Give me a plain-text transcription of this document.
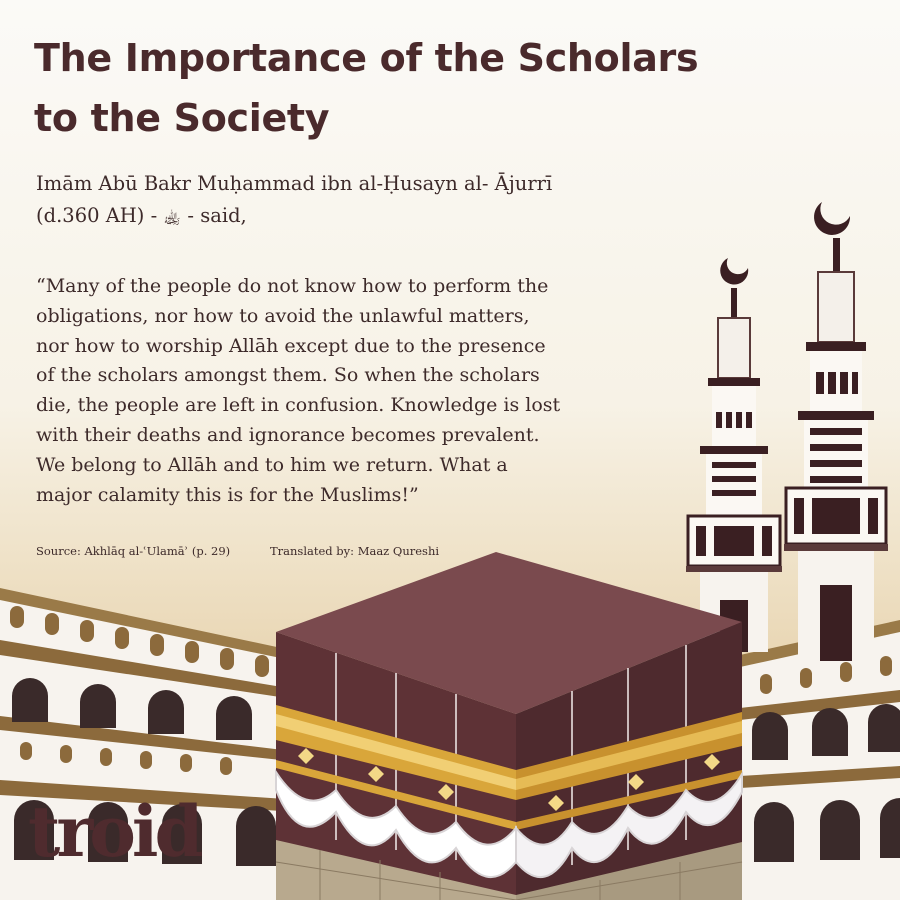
The Importance of the Scholars
to the Society

Imām Abū Bakr Muḥammad ibn al-Ḥusayn al- Ājurrī
(d.360 AH) - ﵀ - said,

“Many of the people do not know how to perform the
obligations, nor how to avoid the unlawful matters,
nor how to worship Allāh except due to the presence
of the scholars amongst them. So when the scholars
die, the people are left in confusion. Knowledge is lost
with their deaths and ignorance becomes prevalent.
We belong to Allāh and to him we return. What a
major calamity this is for the Muslims!”

Source: Akhlāq al-ʿUlamāʾ (p. 29)	Translated by: Maaz Qureshi
troid
